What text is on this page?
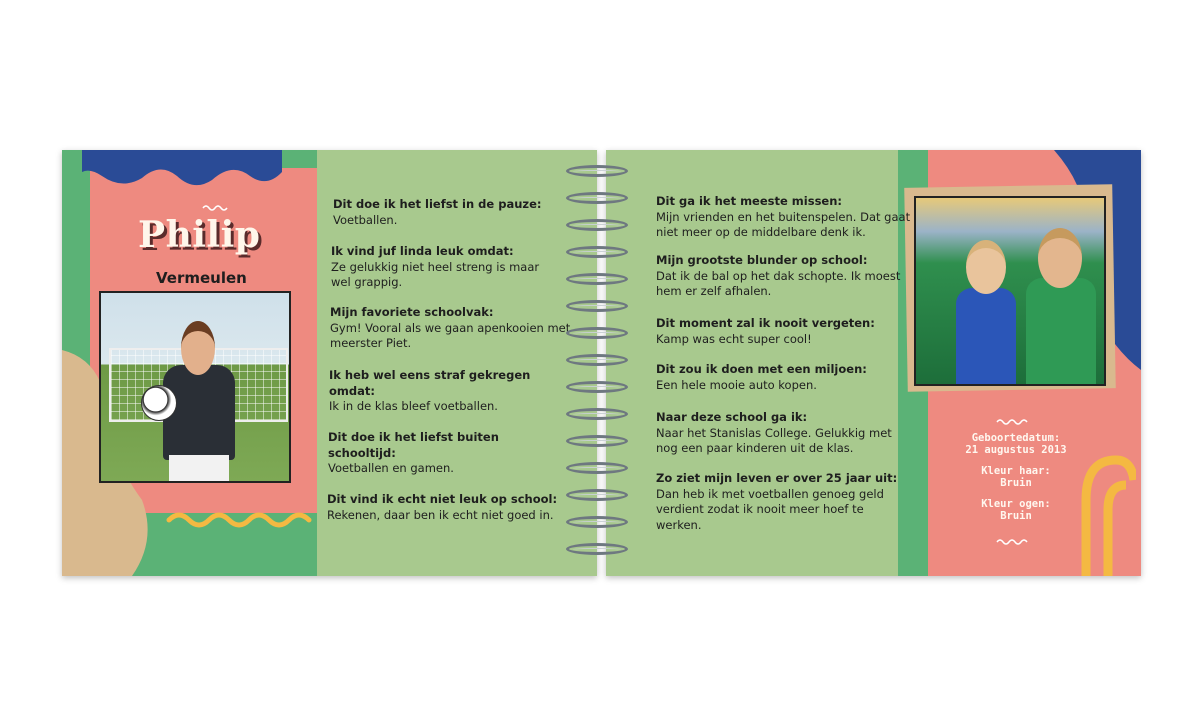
Philip
Vermeulen
Dit doe ik het liefst in de pauze:
Voetballen.
Ik vind juf linda leuk omdat:
Ze gelukkig niet heel streng is maar
wel grappig.
Mijn favoriete schoolvak:
Gym! Vooral als we gaan apenkooien met
meerster Piet.
Ik heb wel eens straf gekregen
omdat:
Ik in de klas bleef voetballen.
Dit doe ik het liefst buiten
schooltijd:
Voetballen en gamen.
Dit vind ik echt niet leuk op school:
Rekenen, daar ben ik echt niet goed in.
Dit ga ik het meeste missen:
Mijn vrienden en het buitenspelen. Dat gaat
niet meer op de middelbare denk ik.
Mijn grootste blunder op school:
Dat ik de bal op het dak schopte. Ik moest
hem er zelf afhalen.
Dit moment zal ik nooit vergeten:
Kamp was echt super cool!
Dit zou ik doen met een miljoen:
Een hele mooie auto kopen.
Naar deze school ga ik:
Naar het Stanislas College. Gelukkig met
nog een paar kinderen uit de klas.
Zo ziet mijn leven er over 25 jaar uit:
Dan heb ik met voetballen genoeg geld
verdient zodat ik nooit meer hoef te
werken.
Geboortedatum:
21 augustus 2013
Kleur haar:
Bruin
Kleur ogen:
Bruin
